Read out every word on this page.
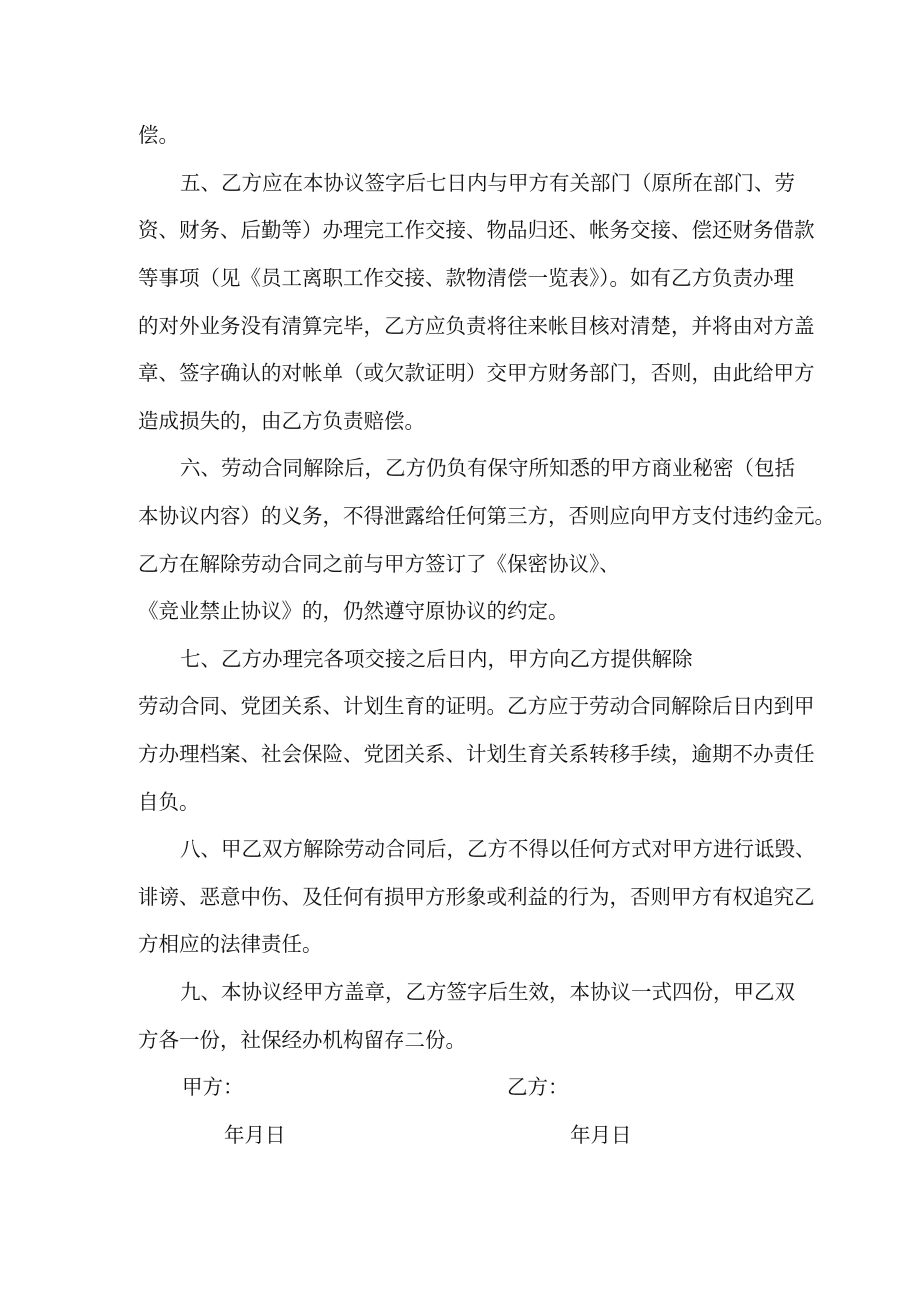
偿。
五、乙方应在本协议签字后七日内与甲方有关部门（原所在部门、劳
资、财务、后勤等）办理完工作交接、物品归还、帐务交接、偿还财务借款
等事项（见《员工离职工作交接、款物清偿一览表》）。如有乙方负责办理
的对外业务没有清算完毕，乙方应负责将往来帐目核对清楚，并将由对方盖
章、签字确认的对帐单（或欠款证明）交甲方财务部门，否则，由此给甲方
造成损失的，由乙方负责赔偿。
六、劳动合同解除后，乙方仍负有保守所知悉的甲方商业秘密（包括
本协议内容）的义务，不得泄露给任何第三方，否则应向甲方支付违约金元。
乙方在解除劳动合同之前与甲方签订了《保密协议》、
《竞业禁止协议》的，仍然遵守原协议的约定。
七、乙方办理完各项交接之后日内，甲方向乙方提供解除
劳动合同、党团关系、计划生育的证明。乙方应于劳动合同解除后日内到甲
方办理档案、社会保险、党团关系、计划生育关系转移手续，逾期不办责任
自负。
八、甲乙双方解除劳动合同后，乙方不得以任何方式对甲方进行诋毁、
诽谤、恶意中伤、及任何有损甲方形象或利益的行为，否则甲方有权追究乙
方相应的法律责任。
九、本协议经甲方盖章，乙方签字后生效，本协议一式四份，甲乙双
方各一份，社保经办机构留存二份。
甲方：	乙方：
年月日	年月日
